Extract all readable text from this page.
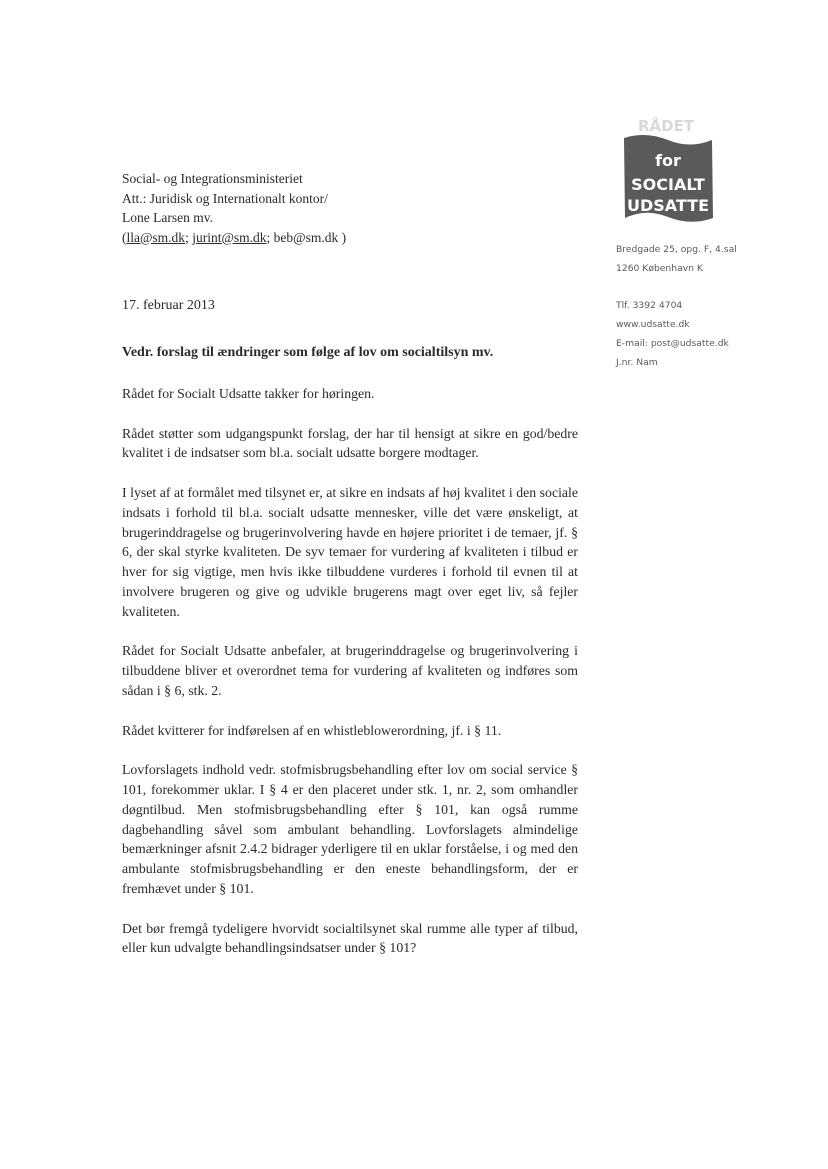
Social- og Integrationsministeriet
Att.: Juridisk og Internationalt kontor/
Lone Larsen mv.
(lla@sm.dk; jurint@sm.dk; beb@sm.dk )
RÅDET
for
SOCIALT
UDSATTE
Bredgade 25, opg. F, 4.sal
1260 København K
Tlf. 3392 4704
www.udsatte.dk
E-mail: post@udsatte.dk
J.nr. Nam
17. februar 2013
Vedr. forslag til ændringer som følge af lov om socialtilsyn mv.

Rådet for Socialt Udsatte takker for høringen.

Rådet støtter som udgangspunkt forslag, der har til hensigt at sikre en god/bedre kvalitet i de indsatser som bl.a. socialt udsatte borgere modtager.

I lyset af at formålet med tilsynet er, at sikre en indsats af høj kvalitet i den sociale indsats i forhold til bl.a. socialt udsatte mennesker, ville det være ønskeligt, at brugerinddragelse og brugerinvolvering havde en højere prioritet i de temaer, jf. § 6, der skal styrke kvaliteten. De syv temaer for vurdering af kvaliteten i tilbud er hver for sig vigtige, men hvis ikke tilbuddene vurderes i forhold til evnen til at involvere brugeren og give og udvikle brugerens magt over eget liv, så fejler kvaliteten.

Rådet for Socialt Udsatte anbefaler, at brugerinddragelse og brugerinvolvering i tilbuddene bliver et overordnet tema for vurdering af kvaliteten og indføres som sådan i § 6, stk. 2.

Rådet kvitterer for indførelsen af en whistleblowerordning, jf. i § 11.

Lovforslagets indhold vedr. stofmisbrugsbehandling efter lov om social service § 101, forekommer uklar. I § 4 er den placeret under stk. 1, nr. 2, som omhandler døgntilbud. Men stofmisbrugsbehandling efter § 101, kan også rumme dagbehandling såvel som ambulant behandling. Lovforslagets almindelige bemærkninger afsnit 2.4.2 bidrager yderligere til en uklar forståelse, i og med den ambulante stofmisbrugsbehandling er den eneste behandlingsform, der er fremhævet under § 101.

Det bør fremgå tydeligere hvorvidt socialtilsynet skal rumme alle typer af tilbud, eller kun udvalgte behandlingsindsatser under § 101?
